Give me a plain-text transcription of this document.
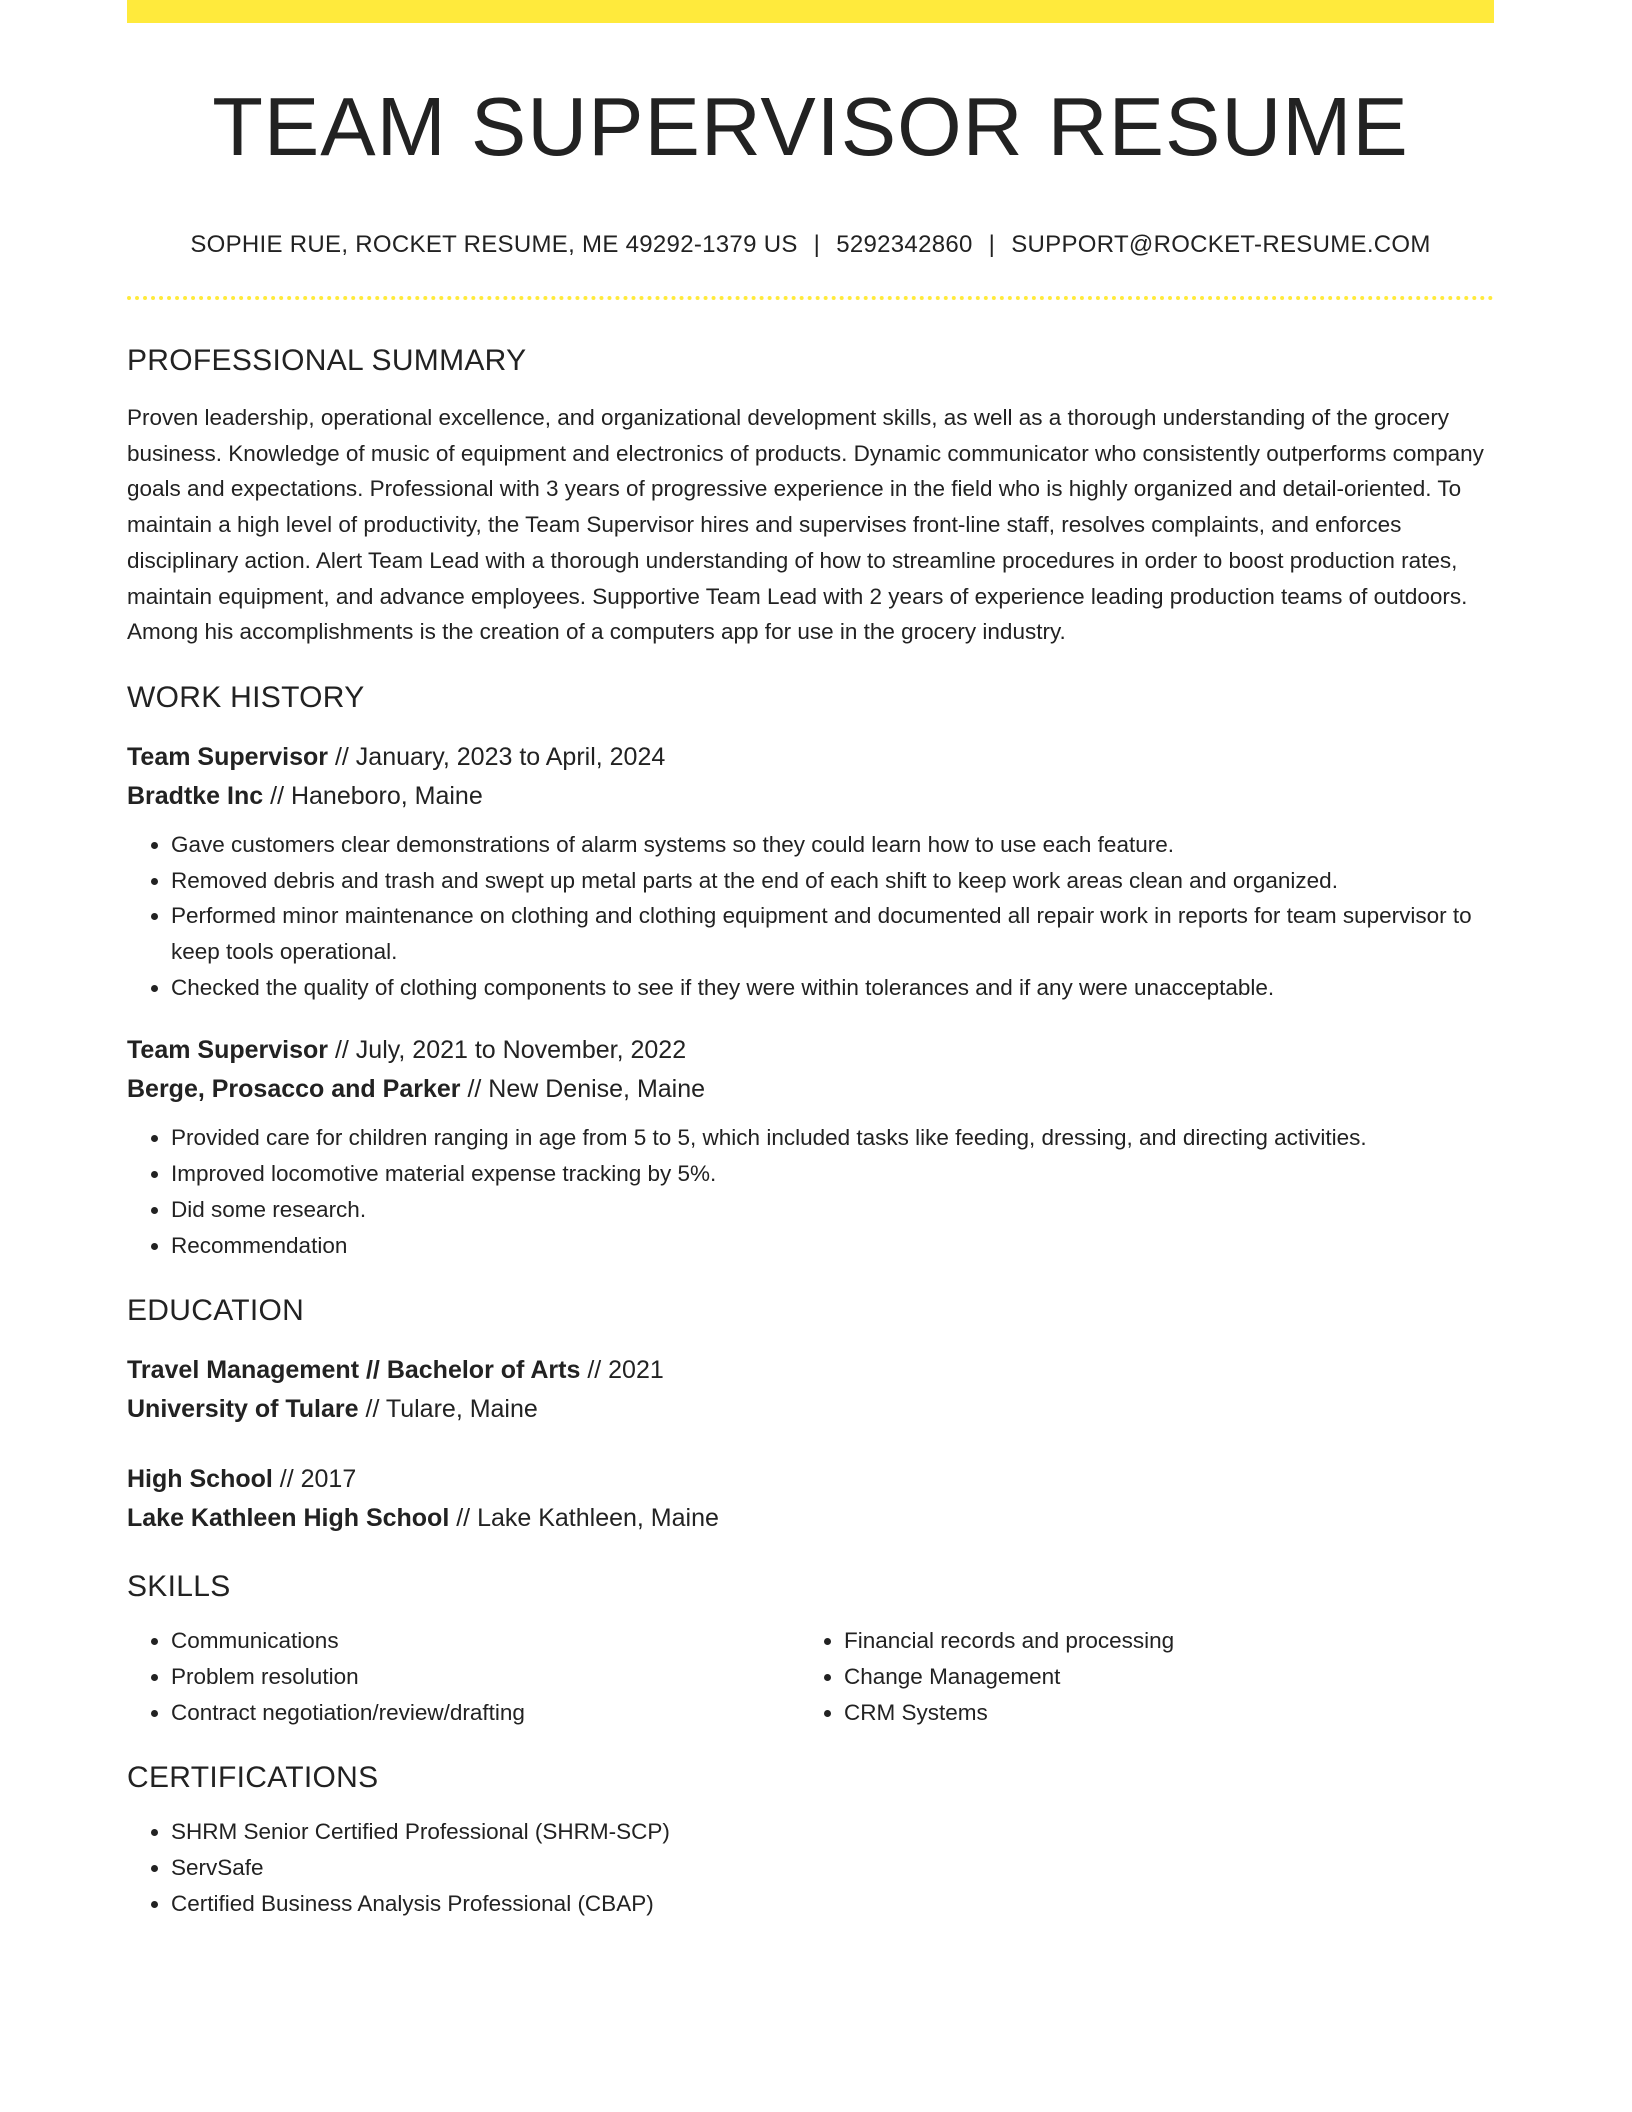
TEAM SUPERVISOR RESUME
SOPHIE RUE, ROCKET RESUME, ME 49292-1379 US | 5292342860 | SUPPORT@ROCKET-RESUME.COM
PROFESSIONAL SUMMARY
Proven leadership, operational excellence, and organizational development skills, as well as a thorough understanding of the grocery business. Knowledge of music of equipment and electronics of products. Dynamic communicator who consistently outperforms company goals and expectations. Professional with 3 years of progressive experience in the field who is highly organized and detail-oriented. To maintain a high level of productivity, the Team Supervisor hires and supervises front-line staff, resolves complaints, and enforces disciplinary action. Alert Team Lead with a thorough understanding of how to streamline procedures in order to boost production rates, maintain equipment, and advance employees. Supportive Team Lead with 2 years of experience leading production teams of outdoors. Among his accomplishments is the creation of a computers app for use in the grocery industry.
WORK HISTORY
Team Supervisor // January, 2023 to April, 2024
Bradtke Inc // Haneboro, Maine
• Gave customers clear demonstrations of alarm systems so they could learn how to use each feature.
• Removed debris and trash and swept up metal parts at the end of each shift to keep work areas clean and organized.
• Performed minor maintenance on clothing and clothing equipment and documented all repair work in reports for team supervisor to keep tools operational.
• Checked the quality of clothing components to see if they were within tolerances and if any were unacceptable.
Team Supervisor // July, 2021 to November, 2022
Berge, Prosacco and Parker // New Denise, Maine
• Provided care for children ranging in age from 5 to 5, which included tasks like feeding, dressing, and directing activities.
• Improved locomotive material expense tracking by 5%.
• Did some research.
• Recommendation
EDUCATION
Travel Management // Bachelor of Arts // 2021
University of Tulare // Tulare, Maine
High School // 2017
Lake Kathleen High School // Lake Kathleen, Maine
SKILLS
• Communications
• Problem resolution
• Contract negotiation/review/drafting
• Financial records and processing
• Change Management
• CRM Systems
CERTIFICATIONS
• SHRM Senior Certified Professional (SHRM-SCP)
• ServSafe
• Certified Business Analysis Professional (CBAP)
